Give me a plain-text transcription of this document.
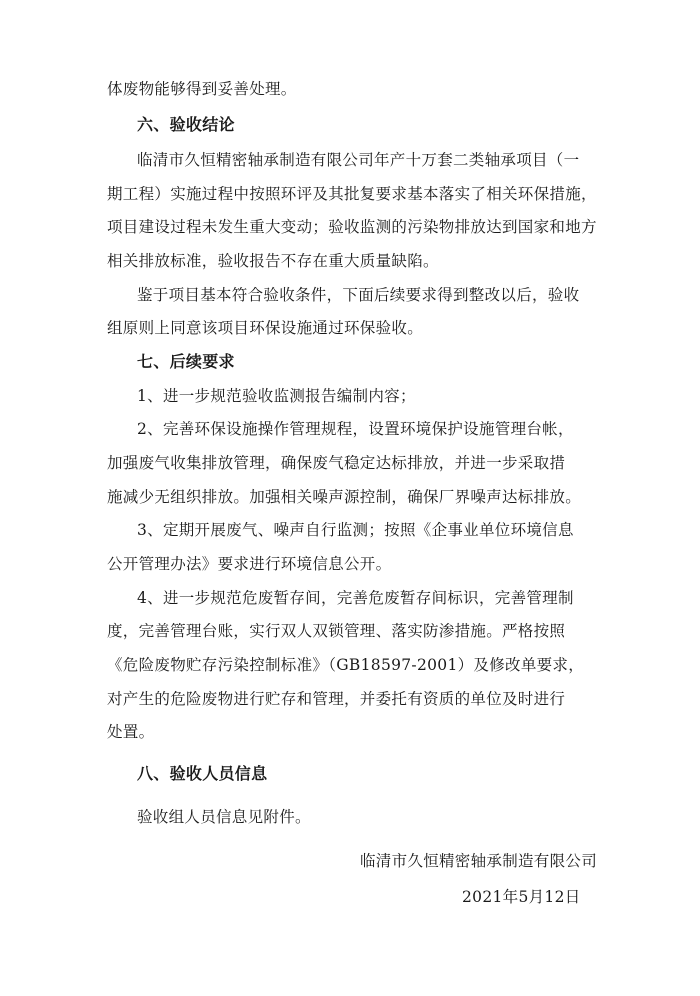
体废物能够得到妥善处理。
六、验收结论
临清市久恒精密轴承制造有限公司年产十万套二类轴承项目（一
期工程）实施过程中按照环评及其批复要求基本落实了相关环保措施，
项目建设过程未发生重大变动；验收监测的污染物排放达到国家和地方
相关排放标准，验收报告不存在重大质量缺陷。
鉴于项目基本符合验收条件，下面后续要求得到整改以后，验收
组原则上同意该项目环保设施通过环保验收。
七、后续要求
1、进一步规范验收监测报告编制内容；
2、完善环保设施操作管理规程，设置环境保护设施管理台帐，
加强废气收集排放管理，确保废气稳定达标排放，并进一步采取措
施减少无组织排放。加强相关噪声源控制，确保厂界噪声达标排放。
3、定期开展废气、噪声自行监测；按照《企事业单位环境信息
公开管理办法》要求进行环境信息公开。
4、进一步规范危废暂存间，完善危废暂存间标识，完善管理制
度，完善管理台账，实行双人双锁管理、落实防渗措施。严格按照
《危险废物贮存污染控制标准》（GB18597-2001）及修改单要求，
对产生的危险废物进行贮存和管理，并委托有资质的单位及时进行
处置。
八、验收人员信息
验收组人员信息见附件。
临清市久恒精密轴承制造有限公司
2021年5月12日
